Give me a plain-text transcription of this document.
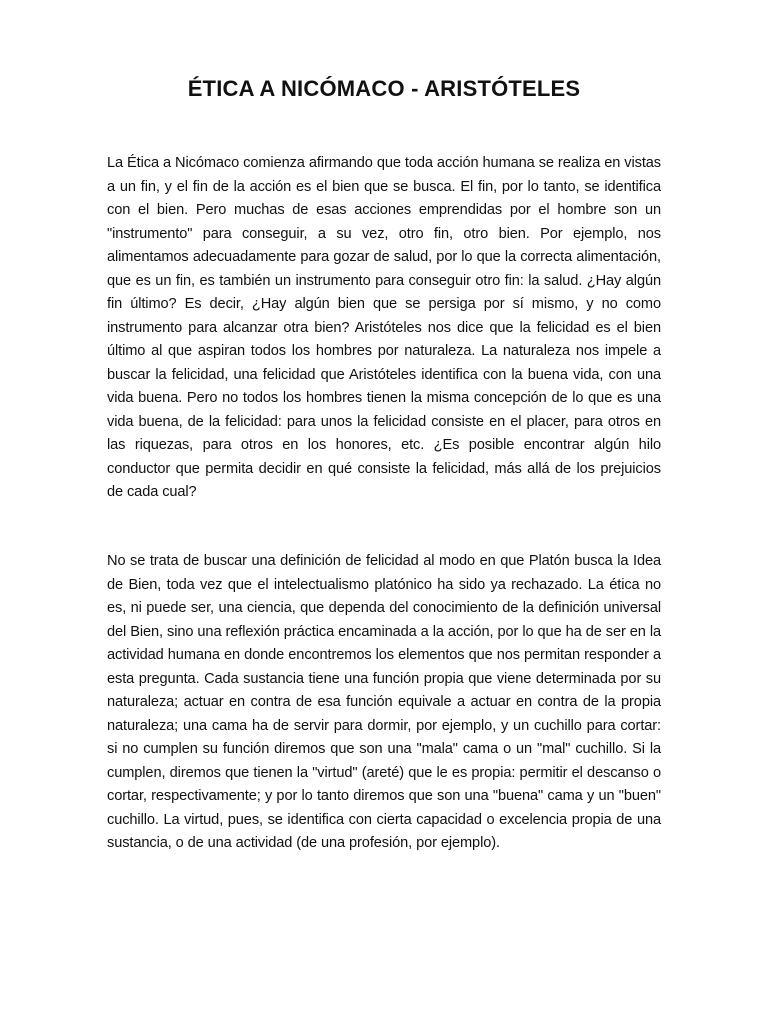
ÉTICA A NICÓMACO - ARISTÓTELES

La Ética a Nicómaco comienza afirmando que toda acción humana se realiza en vistas a un fin, y el fin de la acción es el bien que se busca. El fin, por lo tanto, se identifica con el bien. Pero muchas de esas acciones emprendidas por el hombre son un "instrumento" para conseguir, a su vez, otro fin, otro bien. Por ejemplo, nos alimentamos adecuadamente para gozar de salud, por lo que la correcta alimentación, que es un fin, es también un instrumento para conseguir otro fin: la salud. ¿Hay algún fin último? Es decir, ¿Hay algún bien que se persiga por sí mismo, y no como instrumento para alcanzar otra bien? Aristóteles nos dice que la felicidad es el bien último al que aspiran todos los hombres por naturaleza. La naturaleza nos impele a buscar la felicidad, una felicidad que Aristóteles identifica con la buena vida, con una vida buena. Pero no todos los hombres tienen la misma concepción de lo que es una vida buena, de la felicidad: para unos la felicidad consiste en el placer, para otros en las riquezas, para otros en los honores, etc. ¿Es posible encontrar algún hilo conductor que permita decidir en qué consiste la felicidad, más allá de los prejuicios de cada cual?

No se trata de buscar una definición de felicidad al modo en que Platón busca la Idea de Bien, toda vez que el intelectualismo platónico ha sido ya rechazado. La ética no es, ni puede ser, una ciencia, que dependa del conocimiento de la definición universal del Bien, sino una reflexión práctica encaminada a la acción, por lo que ha de ser en la actividad humana en donde encontremos los elementos que nos permitan responder a esta pregunta. Cada sustancia tiene una función propia que viene determinada por su naturaleza; actuar en contra de esa función equivale a actuar en contra de la propia naturaleza; una cama ha de servir para dormir, por ejemplo, y un cuchillo para cortar: si no cumplen su función diremos que son una "mala" cama o un "mal" cuchillo. Si la cumplen, diremos que tienen la "virtud" (areté) que le es propia: permitir el descanso o cortar, respectivamente; y por lo tanto diremos que son una "buena" cama y un "buen" cuchillo. La virtud, pues, se identifica con cierta capacidad o excelencia propia de una sustancia, o de una actividad (de una profesión, por ejemplo).
